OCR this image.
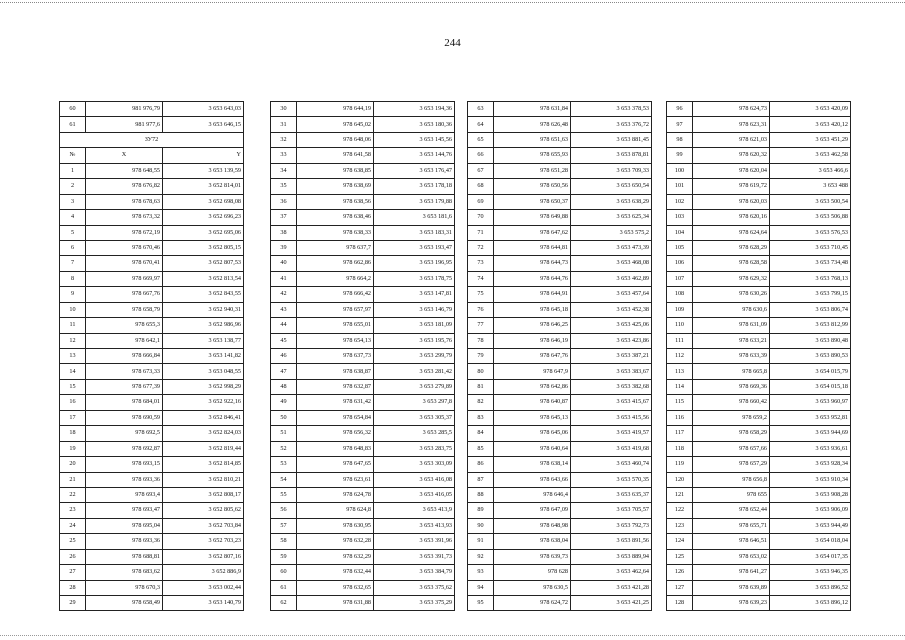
244
60	981 976,79	3 653 643,03
61	981 977,6	3 653 646,15
ЗУ72		
№	X	Y
1	978 648,55	3 653 139,59
2	978 676,82	3 652 814,01
3	978 678,63	3 652 698,08
4	978 673,32	3 652 696,23
5	978 672,19	3 652 695,06
6	978 670,46	3 652 805,15
7	978 670,41	3 652 807,53
8	978 669,97	3 652 813,54
9	978 667,76	3 652 843,55
10	978 658,79	3 652 940,31
11	978 655,3	3 652 986,96
12	978 642,1	3 653 138,77
13	978 666,84	3 653 141,82
14	978 673,33	3 653 048,55
15	978 677,39	3 652 998,29
16	978 684,01	3 652 922,16
17	978 690,59	3 652 846,41
18	978 692,5	3 652 824,03
19	978 692,87	3 652 819,44
20	978 693,15	3 652 814,85
21	978 693,36	3 652 810,21
22	978 693,4	3 652 808,17
23	978 693,47	3 652 805,62
24	978 695,04	3 652 703,84
25	978 693,36	3 652 703,23
26	978 688,81	3 652 807,16
27	978 683,62	3 652 886,9
28	978 670,3	3 653 002,44
29	978 658,49	3 653 140,79
30	978 644,19	3 653 194,36
31	978 645,02	3 653 180,36
32	978 648,06	3 653 145,56
33	978 641,58	3 653 144,76
34	978 638,85	3 653 176,47
35	978 638,69	3 653 178,18
36	978 638,56	3 653 179,88
37	978 638,46	3 653 181,6
38	978 638,33	3 653 183,31
39	978 637,7	3 653 193,47
40	978 662,86	3 653 196,95
41	978 664,2	3 653 178,75
42	978 666,42	3 653 147,81
43	978 657,97	3 653 146,79
44	978 655,01	3 653 181,09
45	978 654,13	3 653 195,76
46	978 637,73	3 653 299,79
47	978 638,87	3 653 281,42
48	978 632,87	3 653 279,89
49	978 631,42	3 653 297,8
50	978 654,84	3 653 305,37
51	978 656,32	3 653 285,5
52	978 648,83	3 653 283,75
53	978 647,65	3 653 303,09
54	978 623,61	3 653 416,08
55	978 624,78	3 653 416,05
56	978 624,8	3 653 413,9
57	978 630,95	3 653 413,93
58	978 632,28	3 653 391,96
59	978 632,29	3 653 391,73
60	978 632,44	3 653 384,79
61	978 632,65	3 653 375,62
62	978 631,88	3 653 375,29
63	978 631,84	3 653 378,53
64	978 626,48	3 653 376,72
65	978 651,63	3 653 881,45
66	978 655,93	3 653 878,81
67	978 651,28	3 653 709,33
68	978 650,56	3 653 650,54
69	978 650,37	3 653 638,29
70	978 649,88	3 653 625,34
71	978 647,62	3 653 575,2
72	978 644,81	3 653 473,39
73	978 644,73	3 653 468,08
74	978 644,76	3 653 462,89
75	978 644,91	3 653 457,64
76	978 645,18	3 653 452,38
77	978 646,25	3 653 425,06
78	978 646,19	3 653 423,86
79	978 647,76	3 653 387,21
80	978 647,9	3 653 383,67
81	978 642,86	3 653 382,68
82	978 640,87	3 653 415,67
83	978 645,13	3 653 415,56
84	978 645,06	3 653 419,57
85	978 640,64	3 653 419,68
86	978 638,14	3 653 460,74
87	978 643,66	3 653 570,35
88	978 646,4	3 653 635,37
89	978 647,09	3 653 705,57
90	978 648,98	3 653 792,73
91	978 638,04	3 653 891,56
92	978 639,73	3 653 889,94
93	978 628	3 653 462,64
94	978 630,5	3 653 421,28
95	978 624,72	3 653 421,25
96	978 624,73	3 653 420,09
97	978 623,31	3 653 420,12
98	978 621,03	3 653 451,29
99	978 620,32	3 653 462,58
100	978 620,04	3 653 466,6
101	978 619,72	3 653 488
102	978 620,03	3 653 500,54
103	978 620,16	3 653 506,88
104	978 624,64	3 653 576,53
105	978 628,29	3 653 710,45
106	978 628,58	3 653 734,48
107	978 629,32	3 653 768,13
108	978 630,26	3 653 799,15
109	978 630,6	3 653 806,74
110	978 631,09	3 653 812,99
111	978 633,21	3 653 890,48
112	978 633,39	3 653 890,53
113	978 665,8	3 654 015,79
114	978 669,36	3 654 015,18
115	978 660,42	3 653 960,97
116	978 659,2	3 653 952,81
117	978 658,29	3 653 944,69
118	978 657,66	3 653 936,61
119	978 657,29	3 653 928,34
120	978 656,8	3 653 910,34
121	978 655	3 653 908,28
122	978 652,44	3 653 906,09
123	978 655,71	3 653 944,49
124	978 646,51	3 654 018,04
125	978 653,02	3 654 017,35
126	978 641,27	3 653 946,35
127	978 639,89	3 653 896,52
128	978 639,23	3 653 896,12
